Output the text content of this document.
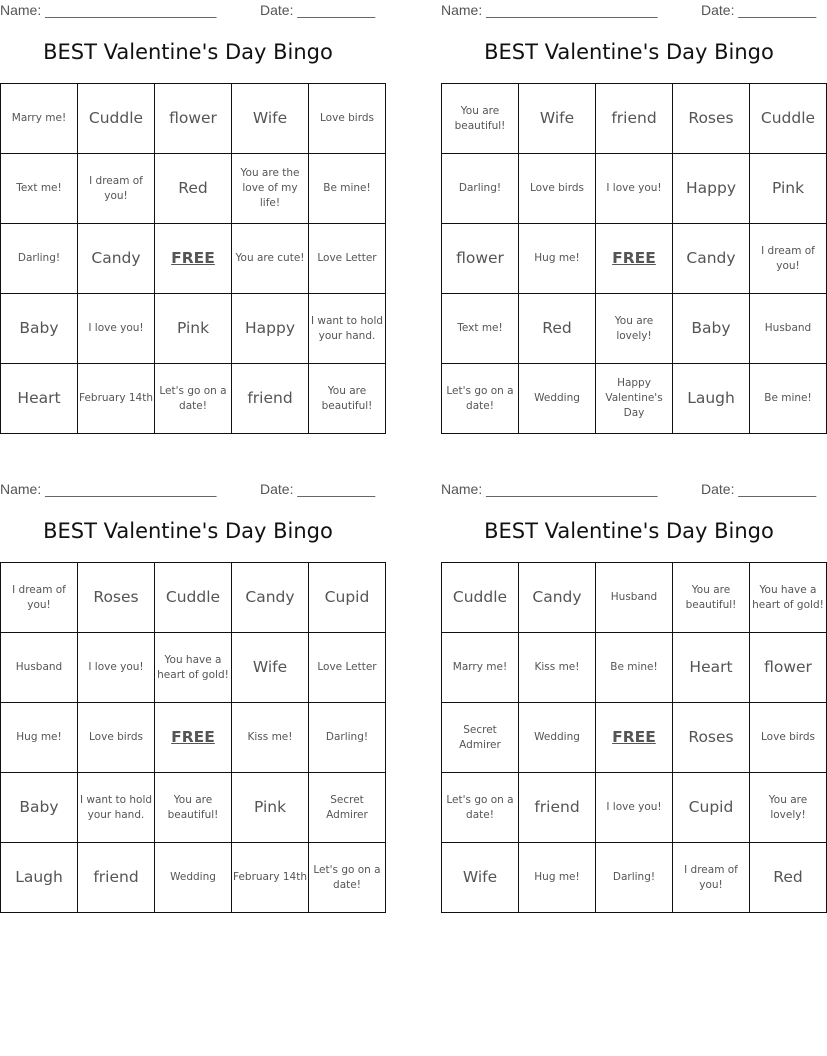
Name: ______________________	Date: __________
BEST Valentine's Day Bingo
Marry me!	Cuddle	flower	Wife	Love birds
Text me!	I dream of you!	Red	You are the love of my life!	Be mine!
Darling!	Candy	FREE	You are cute!	Love Letter
Baby	I love you!	Pink	Happy	I want to hold your hand.
Heart	February 14th	Let's go on a date!	friend	You are beautiful!
Name: ______________________	Date: __________
BEST Valentine's Day Bingo
You are beautiful!	Wife	friend	Roses	Cuddle
Darling!	Love birds	I love you!	Happy	Pink
flower	Hug me!	FREE	Candy	I dream of you!
Text me!	Red	You are lovely!	Baby	Husband
Let's go on a date!	Wedding	Happy Valentine's Day	Laugh	Be mine!
Name: ______________________	Date: __________
BEST Valentine's Day Bingo
I dream of you!	Roses	Cuddle	Candy	Cupid
Husband	I love you!	You have a heart of gold!	Wife	Love Letter
Hug me!	Love birds	FREE	Kiss me!	Darling!
Baby	I want to hold your hand.	You are beautiful!	Pink	Secret Admirer
Laugh	friend	Wedding	February 14th	Let's go on a date!
Name: ______________________	Date: __________
BEST Valentine's Day Bingo
Cuddle	Candy	Husband	You are beautiful!	You have a heart of gold!
Marry me!	Kiss me!	Be mine!	Heart	flower
Secret Admirer	Wedding	FREE	Roses	Love birds
Let's go on a date!	friend	I love you!	Cupid	You are lovely!
Wife	Hug me!	Darling!	I dream of you!	Red
